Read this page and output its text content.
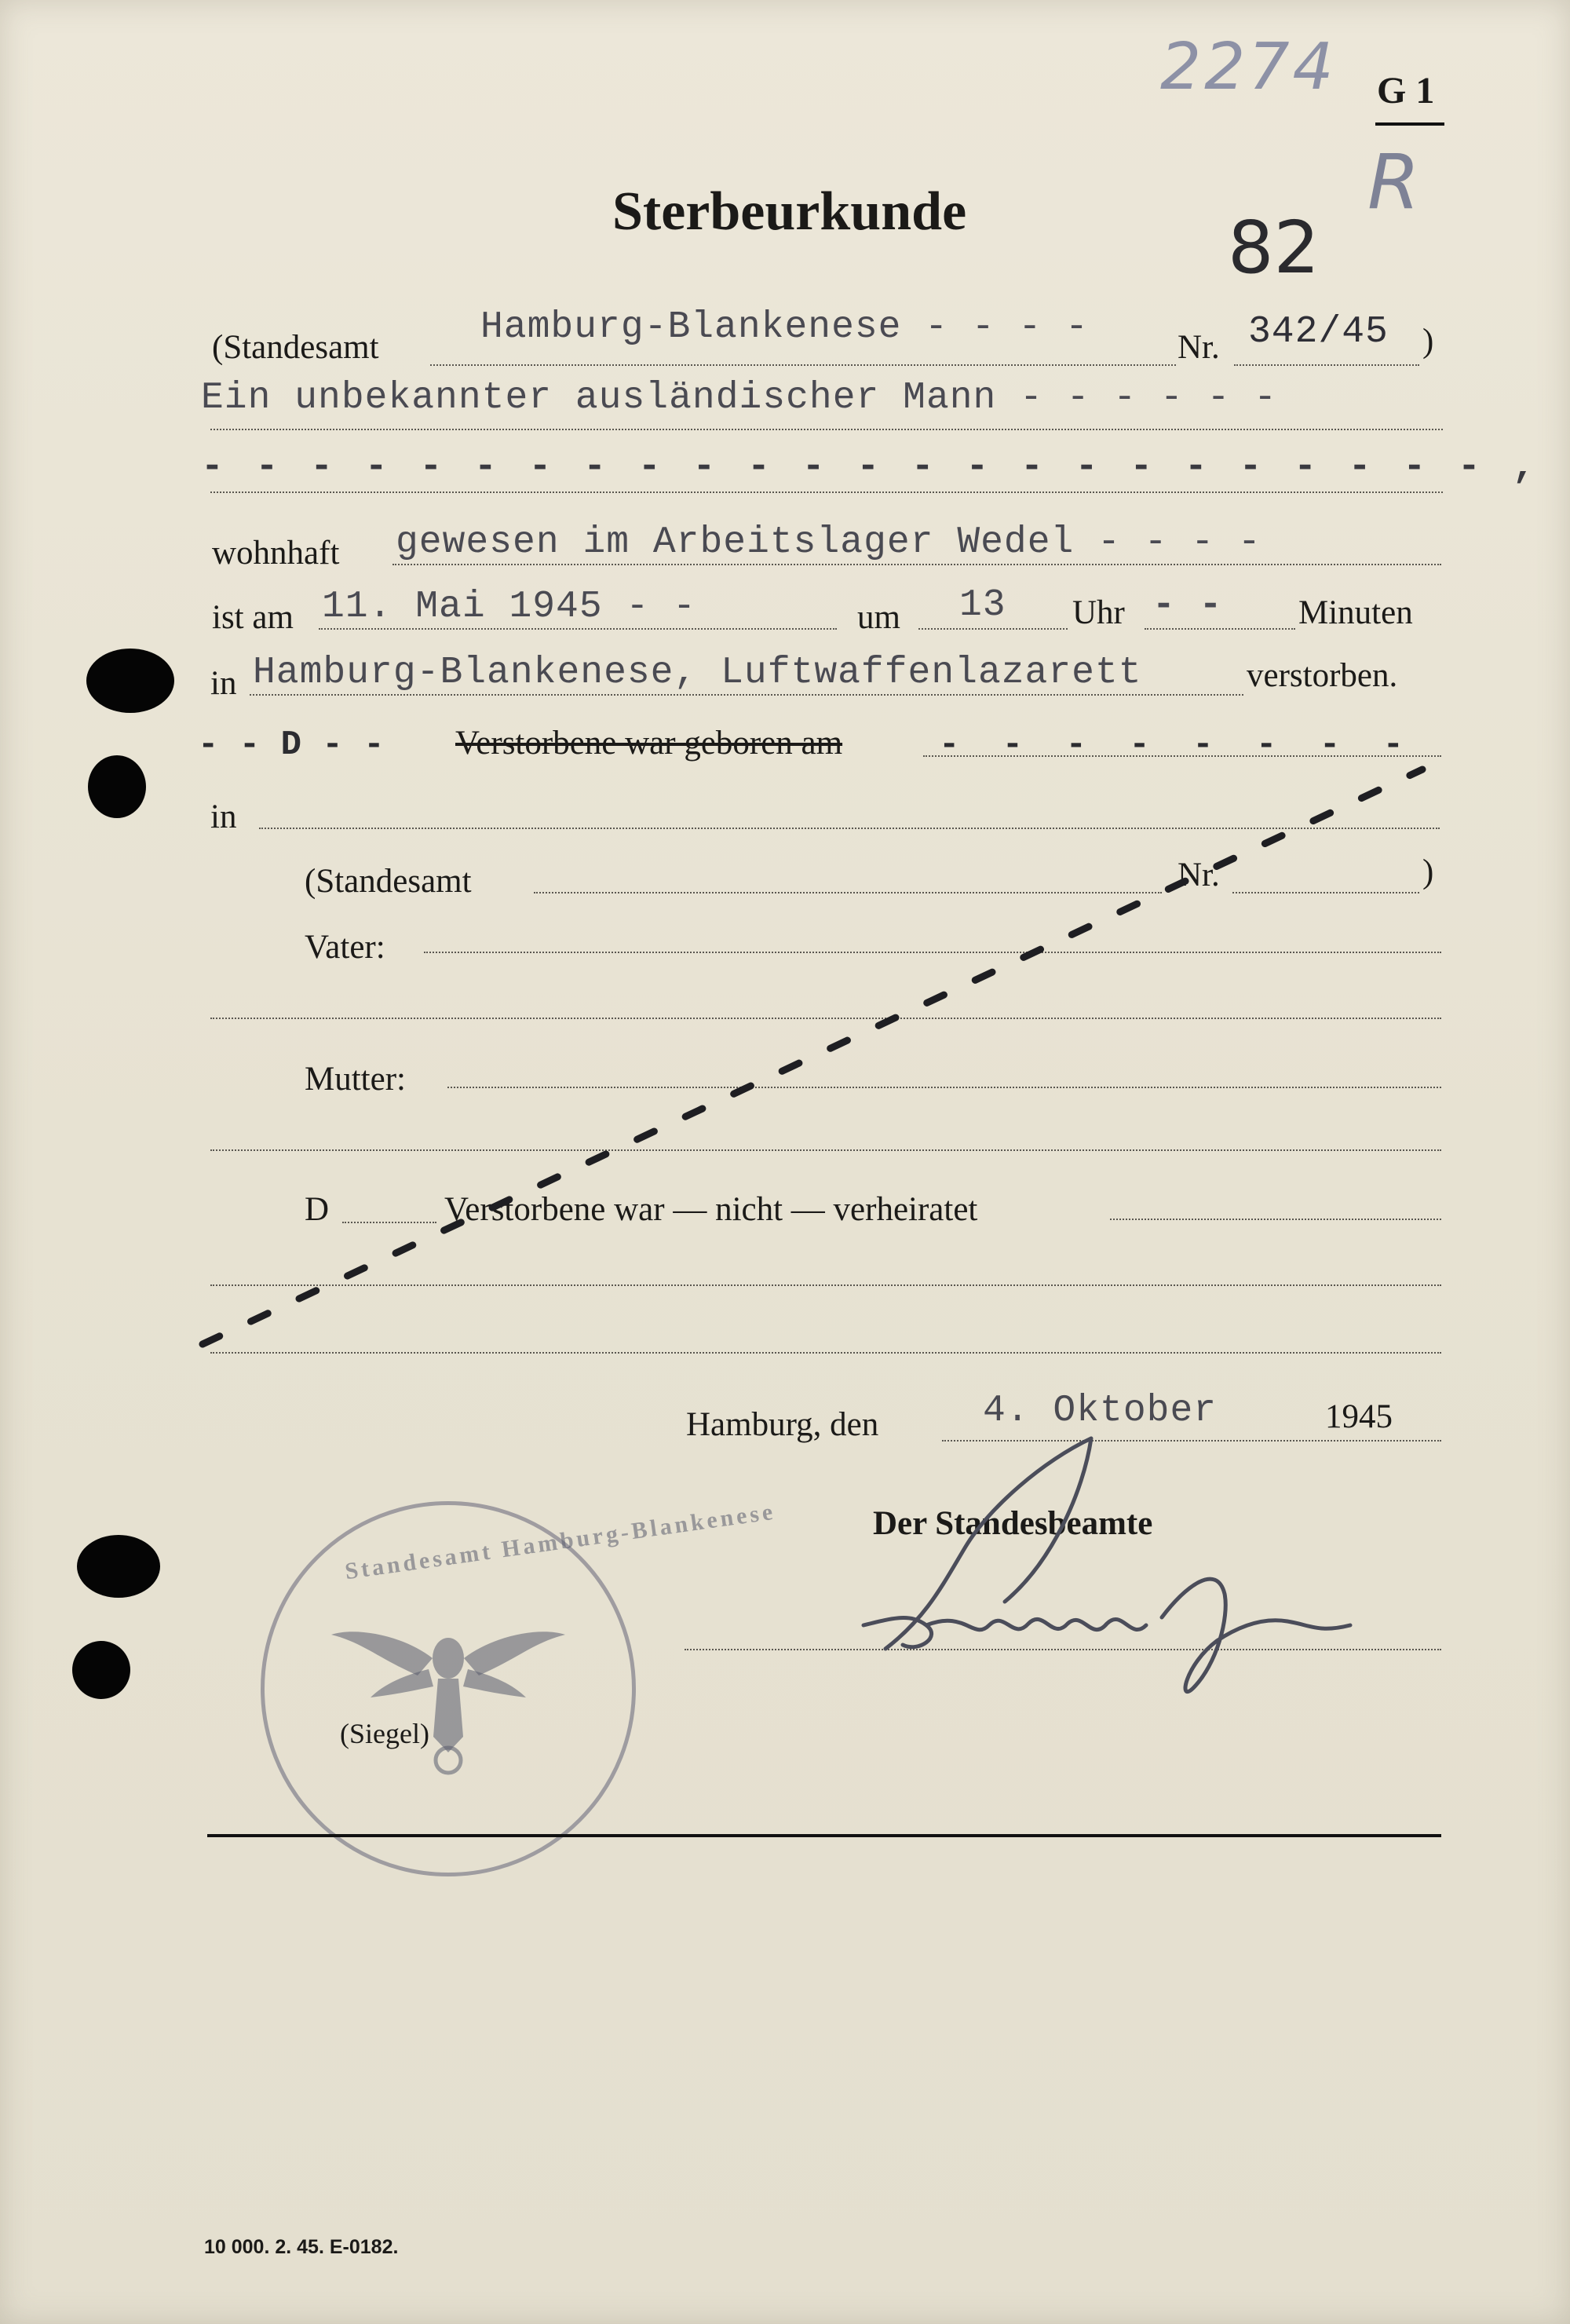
2274 G 1
R
Sterbeurkunde	82
(Standesamt	Hamburg-Blankenese - - - -	Nr. 342/45 )
Ein unbekannter ausländischer Mann - - - - - -
- - - - - - - - - - - - - - - - - - - - - - - - ,
wohnhaft gewesen im Arbeitslager Wedel - - - -
ist am 11. Mai 1945 - -	um 13 Uhr - - Minuten
in Hamburg-Blankenese, Luftwaffenlazarett	verstorben.
- - D - - Verstorbene war geboren am	- - - - - - - -
in
(Standesamt	Nr.	)
Vater:
Mutter:
D	Verstorbene war — nicht — verheiratet
Hamburg, den	4. Oktober	1945
Der Standesbeamte
Standesamt Hamburg-Blankenese
(Siegel)
10 000. 2. 45. E-0182.
